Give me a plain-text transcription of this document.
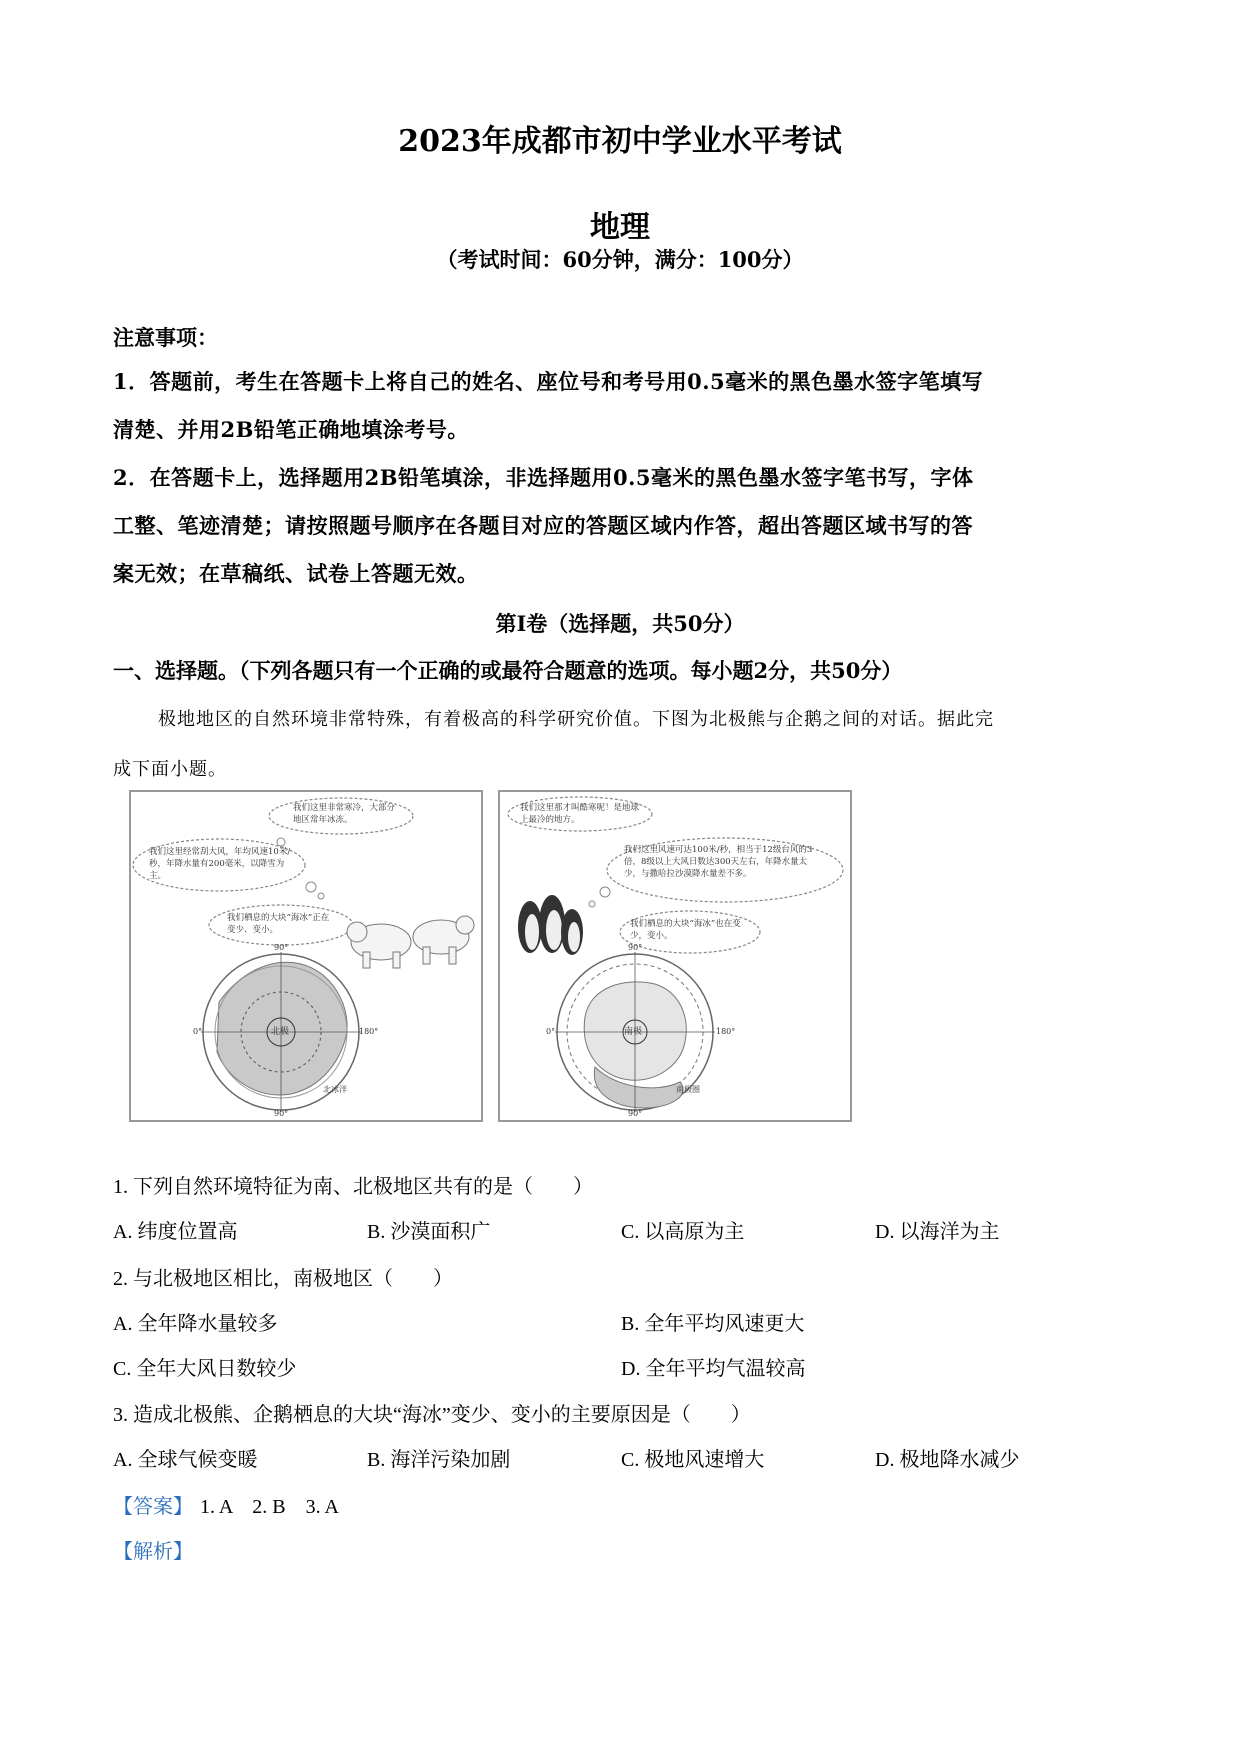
2023年成都市初中学业水平考试
地理
（考试时间：60分钟，满分：100分）
注意事项：
1．答题前，考生在答题卡上将自己的姓名、座位号和考号用0.5毫米的黑色墨水签字笔填写
清楚、并用2B铅笔正确地填涂考号。
2．在答题卡上，选择题用2B铅笔填涂，非选择题用0.5毫米的黑色墨水签字笔书写，字体
工整、笔迹清楚；请按照题号顺序在各题目对应的答题区域内作答，超出答题区域书写的答
案无效；在草稿纸、试卷上答题无效。
第Ⅰ卷（选择题，共50分）
一、选择题。（下列各题只有一个正确的或最符合题意的选项。每小题2分，共50分）
极地地区的自然环境非常特殊，有着极高的科学研究价值。下图为北极熊与企鹅之间的对话。据此完
成下面小题。
我们这里非常寒冷，大部分地区常年冰冻。
我们这里经常刮大风，年均风速10米/秒，年降水量有200毫米，以降雪为主。
我们栖息的大块“海冰”正在变少、变小。
北极
90°
0°	180°
90°
北冰洋
我们这里那才叫酷寒呢！是地球上最冷的地方。
我们这里风速可达100米/秒，相当于12级台风的3倍，8级以上大风日数达300天左右，年降水量太少，与撒哈拉沙漠降水量差不多。
我们栖息的大块“海冰”也在变少，变小。
南极
90°
0°	180°
90°
南极圈
1. 下列自然环境特征为南、北极地区共有的是（　　）
A. 纬度位置高	B. 沙漠面积广	C. 以高原为主	D. 以海洋为主
2. 与北极地区相比，南极地区（　　）
A. 全年降水量较多	B. 全年平均风速更大
C. 全年大风日数较少	D. 全年平均气温较高
3. 造成北极熊、企鹅栖息的大块“海冰”变少、变小的主要原因是（　　）
A. 全球气候变暖	B. 海洋污染加剧	C. 极地风速增大	D. 极地降水减少
【答案】 1. A　2. B　3. A
【解析】
